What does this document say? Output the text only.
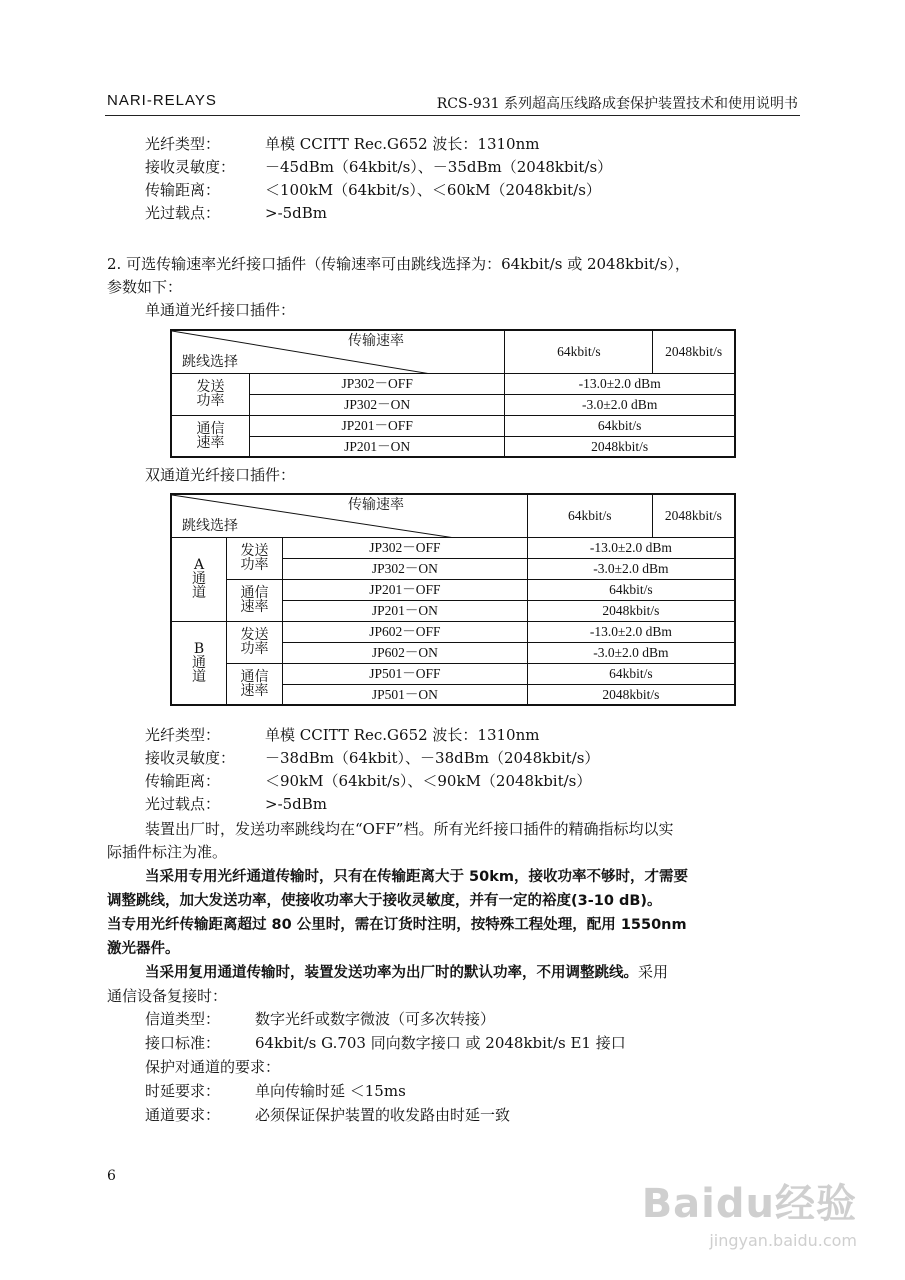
NARI-RELAYS	RCS-931 系列超高压线路成套保护装置技术和使用说明书
光纤类型：	单模 CCITT Rec.G652 波长：1310nm
接收灵敏度： －45dBm（64kbit/s）、－35dBm（2048kbit/s）
传输距离：	＜100kM（64kbit/s）、＜60kM（2048kbit/s）
光过载点：	>-5dBm
2. 可选传输速率光纤接口插件（传输速率可由跳线选择为：64kbit/s 或 2048kbit/s），
参数如下：
单通道光纤接口插件：
传输速率
跳线选择		64kbit/s	2048kbit/s
发送
功率	JP302－OFF	-13.0±2.0 dBm	
	JP302－ON	-3.0±2.0 dBm	
通信
速率	JP201－OFF	64kbit/s	
	JP201－ON	2048kbit/s	
双通道光纤接口插件：
传输速率
跳线选择			64kbit/s	2048kbit/s
A
通
道	发送
功率	JP302－OFF	-13.0±2.0 dBm	
		JP302－ON	-3.0±2.0 dBm	
	通信
速率	JP201－OFF	64kbit/s	
		JP201－ON	2048kbit/s	
B
通
道	发送
功率	JP602－OFF	-13.0±2.0 dBm	
		JP602－ON	-3.0±2.0 dBm	
	通信
速率	JP501－OFF	64kbit/s	
		JP501－ON	2048kbit/s	
光纤类型：	单模 CCITT Rec.G652 波长：1310nm
接收灵敏度： －38dBm（64kbit）、－38dBm（2048kbit/s）
传输距离：	＜90kM（64kbit/s）、＜90kM（2048kbit/s）
光过载点：	>-5dBm
装置出厂时，发送功率跳线均在“OFF”档。所有光纤接口插件的精确指标均以实
际插件标注为准。
当采用专用光纤通道传输时，只有在传输距离大于 50km，接收功率不够时，才需要
调整跳线，加大发送功率，使接收功率大于接收灵敏度，并有一定的裕度(3-10 dB)。
当专用光纤传输距离超过 80 公里时，需在订货时注明，按特殊工程处理，配用 1550nm
激光器件。
当采用复用通道传输时，装置发送功率为出厂时的默认功率，不用调整跳线。采用
通信设备复接时：
信道类型： 数字光纤或数字微波（可多次转接）
接口标准： 64kbit/s G.703 同向数字接口 或 2048kbit/s E1 接口
保护对通道的要求：
时延要求： 单向传输时延 ＜15ms
通道要求： 必须保证保护装置的收发路由时延一致
6
Baidu经验
jingyan.baidu.com
